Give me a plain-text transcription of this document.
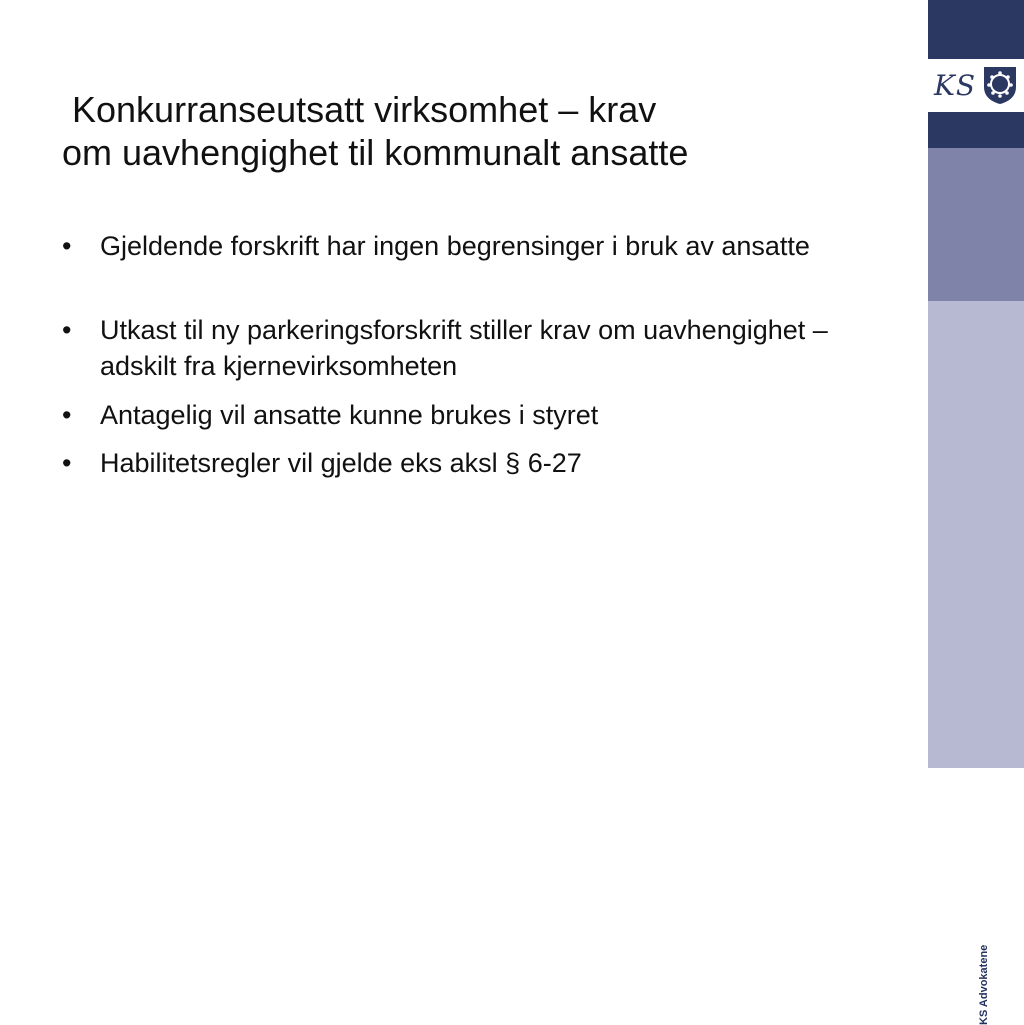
Konkurranseutsatt virksomhet – krav
om uavhengighet til kommunalt ansatte
• Gjeldende forskrift har ingen begrensinger i bruk av ansatte
• Utkast til ny parkeringsforskrift stiller krav om uavhengighet – adskilt fra kjernevirksomheten
• Antagelig vil ansatte kunne brukes i styret
• Habilitetsregler vil gjelde eks aksl § 6-27
KS
KS Advokatene
